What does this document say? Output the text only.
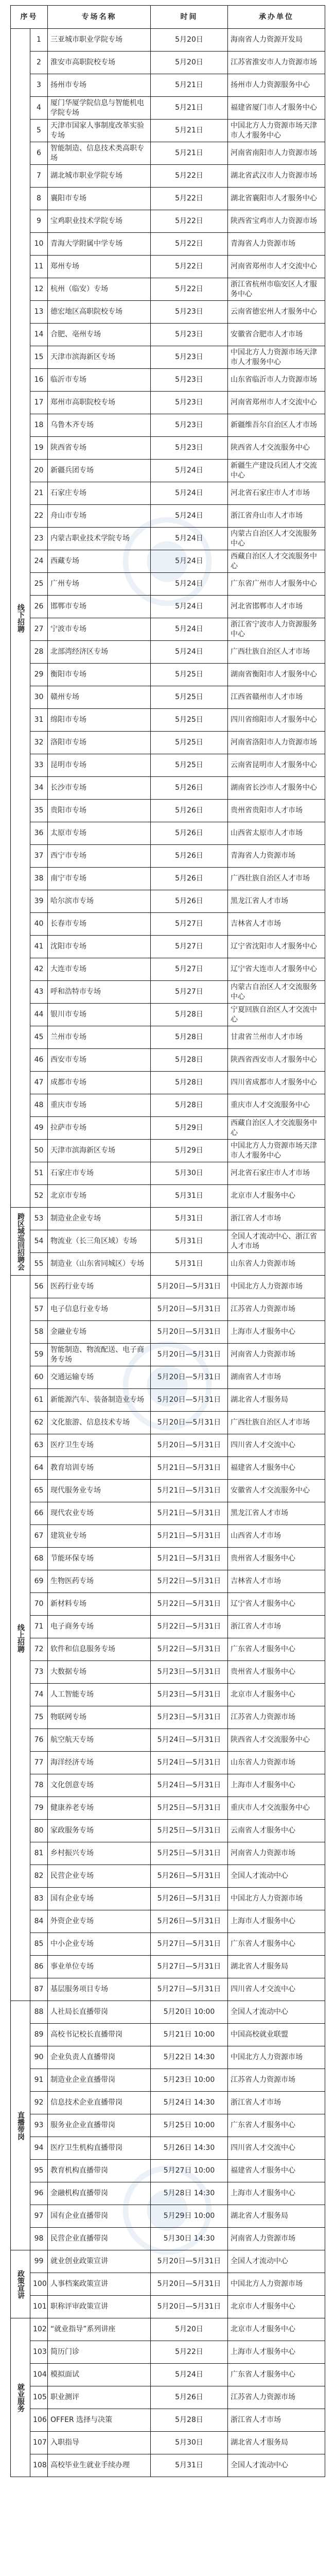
序号		专场名称	时间	承办单位
线下招聘	1	三亚城市职业学院专场	5月20日	海南省人力资源开发局
	2	淮安市高职院校专场	5月20日	江苏省淮安市人力资源市场
	3	扬州市专场	5月21日	扬州市人力资源服务中心
	4	厦门华厦学院信息与智能机电学院专场	5月21日	福建省厦门市人才服务中心
	5	天津市国家人事制度改革实验专场	5月21日	中国北方人力资源市场天津市人才服务中心
	6	智能制造、信息技术类高职专场	5月21日	河南省南阳市人力资源市场
	7	湖北城市职业学院专场	5月22日	湖北省武汉市人力资源市场
	8	襄阳市专场	5月22日	湖北省襄阳市人才服务中心
	9	宝鸡职业技术学院专场	5月22日	陕西省宝鸡市人力资源市场
	10	青海大学附属中学专场	5月22日	青海省人力资源市场
	11	郑州专场	5月22日	河南省郑州市人才交流中心
	12	杭州（临安）专场	5月22日	浙江省杭州市临安区人才服务中心
	13	德宏地区高职院校专场	5月23日	云南省德宏州人才服务中心
	14	合肥、亳州专场	5月23日	安徽省合肥市人才市场
	15	天津市滨海新区专场	5月23日	中国北方人力资源市场天津市人才服务中心
	16	临沂市专场	5月23日	山东省临沂市人力资源市场
	17	郑州市高职院校专场	5月23日	河南省郑州市人才交流中心
	18	乌鲁木齐专场	5月23日	新疆维吾尔自治区人才市场
	19	陕西省专场	5月23日	陕西省人才交流服务中心
	20	新疆兵团专场	5月24日	新疆生产建设兵团人才交流中心
	21	石家庄专场	5月24日	河北省石家庄市人才市场
	22	舟山市专场	5月24日	浙江省舟山市人才市场
	23	内蒙古职业技术学院专场	5月24日	内蒙古自治区人才交流服务中心
	24	西藏专场	5月24日	西藏自治区人才交流服务中心
	25	广州专场	5月24日	广东省广州市人才服务中心
	26	邯郸市专场	5月24日	河北省邯郸市人才市场
	27	宁波市专场	5月24日	浙江省宁波市人力资源服务中心
	28	北部湾经济区专场	5月24日	广西壮族自治区人才市场
	29	衡阳市专场	5月25日	湖南省衡阳市人才服务中心
	30	赣州专场	5月25日	江西省赣州市人才市场
	31	绵阳市专场	5月25日	四川省绵阳市人才服务中心
	32	洛阳市专场	5月25日	河南省洛阳市人力资源市场
	33	昆明市专场	5月25日	云南省昆明市人才服务中心
	34	长沙市专场	5月26日	湖南省长沙市人才服务中心
	35	贵阳市专场	5月26日	贵州省贵阳市人才市场
	36	太原市专场	5月26日	山西省太原市人才市场
	37	西宁市专场	5月26日	青海省人力资源市场
	38	南宁市专场	5月26日	广西壮族自治区人才市场
	39	哈尔滨市专场	5月26日	黑龙江省人才市场
	40	长春市专场	5月27日	吉林省人才市场
	41	沈阳市专场	5月27日	辽宁省沈阳市人才服务中心
	42	大连市专场	5月27日	辽宁省大连市人才服务中心
	43	呼和浩特市专场	5月27日	内蒙古自治区人才交流服务中心
	44	银川市专场	5月28日	宁夏回族自治区人才交流中心
	45	兰州市专场	5月28日	甘肃省兰州市人才市场
	46	西安市专场	5月28日	陕西省西安市人才服务中心
	47	成都市专场	5月28日	四川省成都市人才服务中心
	48	重庆市专场	5月28日	重庆市人才交流服务中心
	49	拉萨市专场	5月29日	西藏自治区人才交流服务中心
	50	天津市滨海新区专场	5月29日	中国北方人力资源市场天津市人才服务中心
	51	石家庄市专场	5月30日	河北省石家庄市人才市场
	52	北京市专场	5月31日	北京市人才服务中心
跨区域巡回招聘会	53	制造业企业专场	5月31日	浙江省人才市场
	54	物流业（长三角区域）专场	5月31日	全国人才流动中心、浙江省人才市场
	55	制造业（山东省同城区）专场	5月31日	山东省人力资源市场
线上招聘	56	医药行业专场	5月20日—5月31日	中国北方人力资源市场
	57	电子信息行业专场	5月20日—5月31日	江苏省人力资源市场
	58	金融业专场	5月20日—5月31日	上海市人才服务中心
	59	智能制造、物流配送、电子商务专场	5月20日—5月31日	河南省人力资源市场
	60	交通运输专场	5月20日—5月31日	湖南省人才市场
	61	新能源汽车、装备制造业专场	5月20日—5月31日	湖北省人才服务局
	62	文化旅游、信息技术专场	5月20日—5月31日	广西壮族自治区人才市场
	63	医疗卫生专场	5月20日—5月31日	四川省人才交流中心
	64	教育培训专场	5月21日—5月31日	福建省人才服务中心
	65	现代服务业专场	5月21日—5月31日	安徽省人才交流服务中心
	66	现代农业专场	5月21日—5月31日	黑龙江省人才市场
	67	建筑业专场	5月21日—5月31日	山西省人才市场
	68	节能环保专场	5月21日—5月31日	贵州省人才服务中心
	69	生物医药专场	5月22日—5月31日	吉林省人才市场
	70	新材料专场	5月22日—5月31日	辽宁省人才服务中心
	71	电子商务专场	5月22日—5月31日	浙江省人才市场
	72	软件和信息服务专场	5月22日—5月31日	广东省人才服务中心
	73	大数据专场	5月23日—5月31日	贵州省人才服务中心
	74	人工智能专场	5月23日—5月31日	北京市人才服务中心
	75	物联网专场	5月23日—5月31日	江苏省人力资源市场
	76	航空航天专场	5月24日—5月31日	陕西省人才交流服务中心
	77	海洋经济专场	5月24日—5月31日	山东省人力资源市场
	78	文化创意专场	5月24日—5月31日	上海市人才服务中心
	79	健康养老专场	5月25日—5月31日	重庆市人才交流服务中心
	80	家政服务专场	5月25日—5月31日	云南省人才服务中心
	81	乡村振兴专场	5月25日—5月31日	河南省人力资源市场
	82	民营企业专场	5月26日—5月31日	全国人才流动中心
	83	国有企业专场	5月26日—5月31日	中国北方人力资源市场
	84	外资企业专场	5月26日—5月31日	上海市人才服务中心
	85	中小企业专场	5月27日—5月31日	广东省人才服务中心
	86	事业单位专场	5月27日—5月31日	湖北省人才服务局
	87	基层服务项目专场	5月27日—5月31日	四川省人才交流中心
直播带岗	88	人社局长直播带岗	5月20日 10:00	全国人才流动中心
	89	高校书记校长直播带岗	5月21日 10:00	中国高校就业联盟
	90	企业负责人直播带岗	5月22日 14:30	中国北方人力资源市场
	91	制造业企业直播带岗	5月23日 10:00	江苏省人力资源市场
	92	信息技术企业直播带岗	5月24日 14:30	浙江省人才市场
	93	服务业企业直播带岗	5月25日 10:00	广东省人才服务中心
	94	医疗卫生机构直播带岗	5月26日 14:30	四川省人才交流中心
	95	教育机构直播带岗	5月27日 10:00	福建省人才服务中心
	96	金融机构直播带岗	5月28日 14:30	上海市人才服务中心
	97	国有企业直播带岗	5月29日 10:00	湖北省人才服务局
	98	民营企业直播带岗	5月30日 14:30	河南省人力资源市场
政策宣讲	99	就业创业政策宣讲	5月20日—5月31日	全国人才流动中心
	100	人事档案政策宣讲	5月20日—5月31日	中国北方人力资源市场
	101	职称评审政策宣讲	5月20日—5月31日	北京市人才服务中心
就业服务	102	“就业指导”系列讲座	5月20日	北京市人才服务中心
	103	简历门诊	5月22日	上海市人才服务中心
	104	模拟面试	5月24日	广东省人才服务中心
	105	职业测评	5月26日	江苏省人力资源市场
	106	OFFER 选择与决策	5月28日	浙江省人才市场
	107	入职指导	5月30日	湖北省人才服务局
	108	高校毕业生就业手续办理	5月31日	全国人才流动中心
